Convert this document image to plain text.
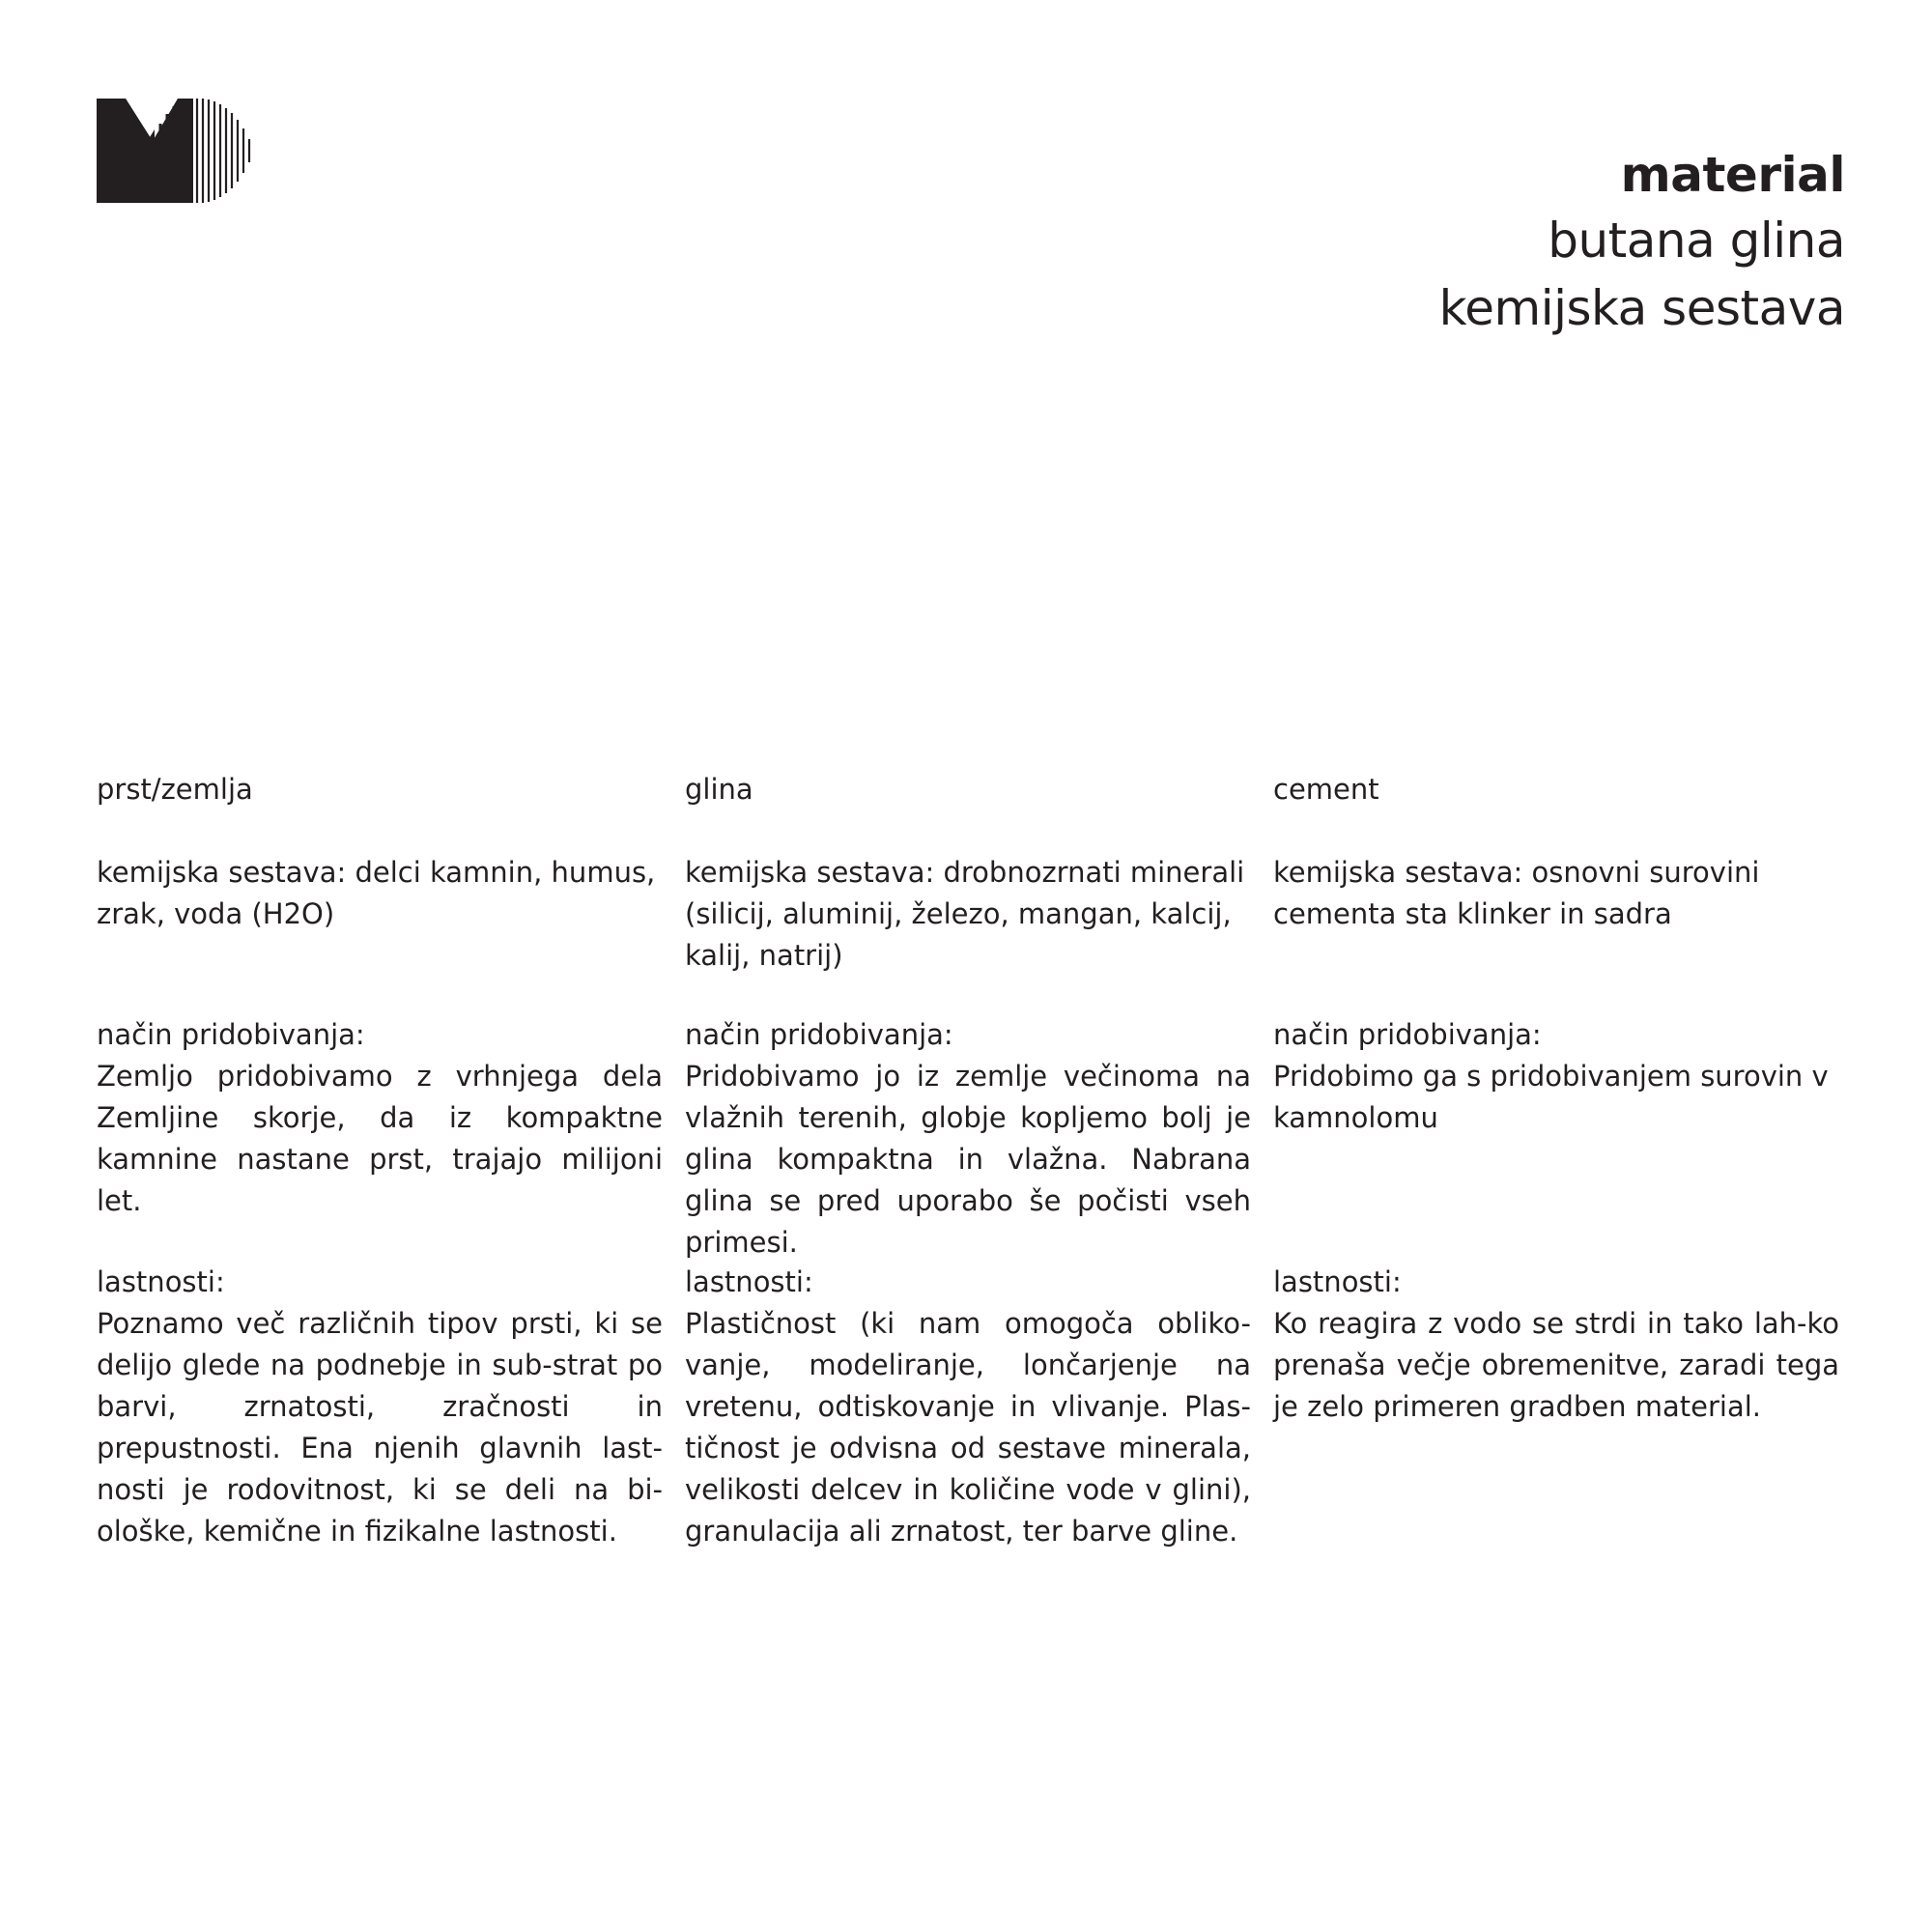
material
butana glina
kemijska sestava
prst/zemlja
kemijska sestava: delci kamnin, humus, zrak, voda (H2O)
način pridobivanja:
Zemljo pridobivamo z vrhnjega dela Zemljine skorje, da iz kompaktne kamnine nastane prst, trajajo milijoni let.
lastnosti:
Poznamo več različnih tipov prsti, ki se delijo glede na podnebje in sub-strat po barvi, zrnatosti, zračnosti in prepustnosti. Ena njenih glavnih last-nosti je rodovitnost, ki se deli na bi-ološke, kemične in fizikalne lastnosti.
glina
kemijska sestava: drobnozrnati minerali (silicij, aluminij, železo, mangan, kalcij, kalij, natrij)
način pridobivanja:
Pridobivamo jo iz zemlje večinoma na vlažnih terenih, globje kopljemo bolj je glina kompaktna in vlažna. Nabrana glina se pred uporabo še počisti vseh primesi.
lastnosti:
Plastičnost (ki nam omogoča obliko-vanje, modeliranje, lončarjenje na vretenu, odtiskovanje in vlivanje. Plas-tičnost je odvisna od sestave minerala, velikosti delcev in količine vode v glini), granulacija ali zrnatost, ter barve gline.
cement
kemijska sestava: osnovni surovini cementa sta klinker in sadra
način pridobivanja:
Pridobimo ga s pridobivanjem surovin v kamnolomu
lastnosti:
Ko reagira z vodo se strdi in tako lah-ko prenaša večje obremenitve, zaradi tega je zelo primeren gradben material.
